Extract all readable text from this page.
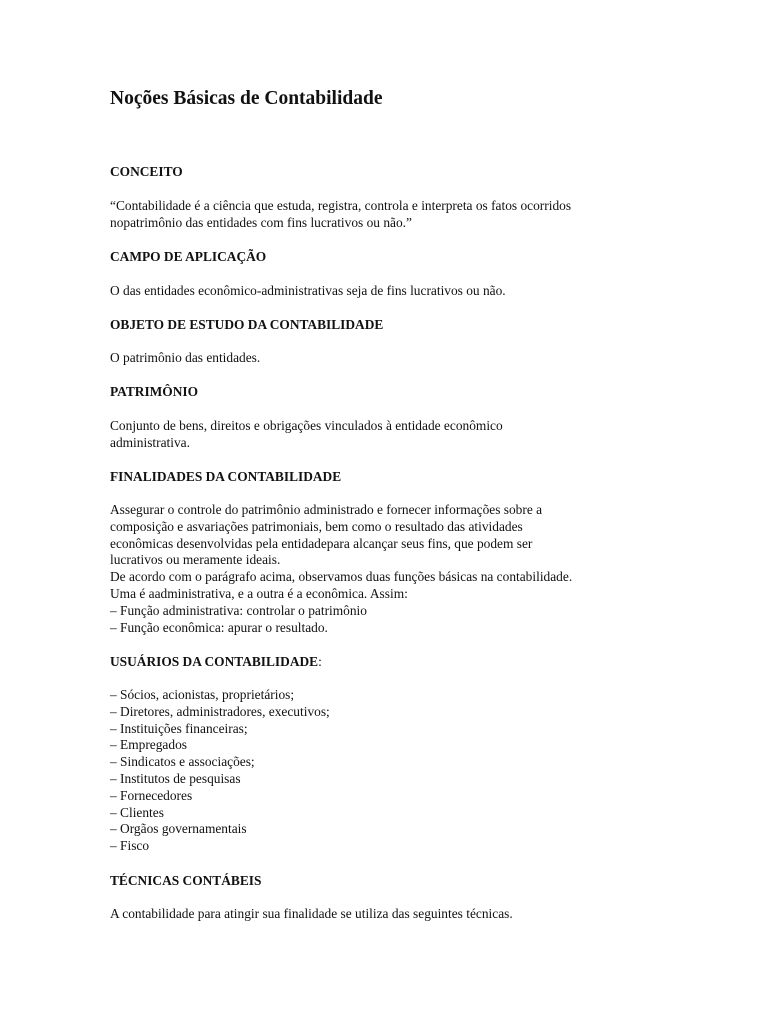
Noções Básicas de Contabilidade

CONCEITO

“Contabilidade é a ciência que estuda, registra, controla e interpreta os fatos ocorridos
nopatrimônio das entidades com fins lucrativos ou não.”

CAMPO DE APLICAÇÃO

O das entidades econômico-administrativas seja de fins lucrativos ou não.

OBJETO DE ESTUDO DA CONTABILIDADE

O patrimônio das entidades.

PATRIMÔNIO

Conjunto de bens, direitos e obrigações vinculados à entidade econômico
administrativa.

FINALIDADES DA CONTABILIDADE

Assegurar o controle do patrimônio administrado e fornecer informações sobre a
composição e asvariações patrimoniais, bem como o resultado das atividades
econômicas desenvolvidas pela entidadepara alcançar seus fins, que podem ser
lucrativos ou meramente ideais.
De acordo com o parágrafo acima, observamos duas funções básicas na contabilidade.
Uma é aadministrativa, e a outra é a econômica. Assim:
– Função administrativa: controlar o patrimônio
– Função econômica: apurar o resultado.

USUÁRIOS DA CONTABILIDADE:

– Sócios, acionistas, proprietários;
– Diretores, administradores, executivos;
– Instituições financeiras;
– Empregados
– Sindicatos e associações;
– Institutos de pesquisas
– Fornecedores
– Clientes
– Orgãos governamentais
– Fisco

TÉCNICAS CONTÁBEIS

A contabilidade para atingir sua finalidade se utiliza das seguintes técnicas.
